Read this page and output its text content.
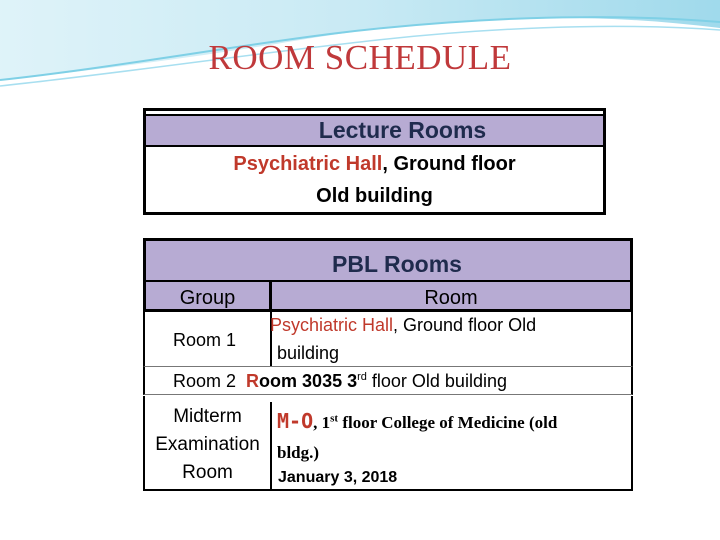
ROOM SCHEDULE
Lecture Rooms
Psychiatric Hall, Ground floor
Old building
PBL Rooms
Group	Room
Room 1
Psychiatric Hall, Ground floor Old
building
Room 2 Room 3035 3rd floor Old building
Midterm
Examination
Room
M-O, 1st floor College of Medicine (old
bldg.)
January 3, 2018
